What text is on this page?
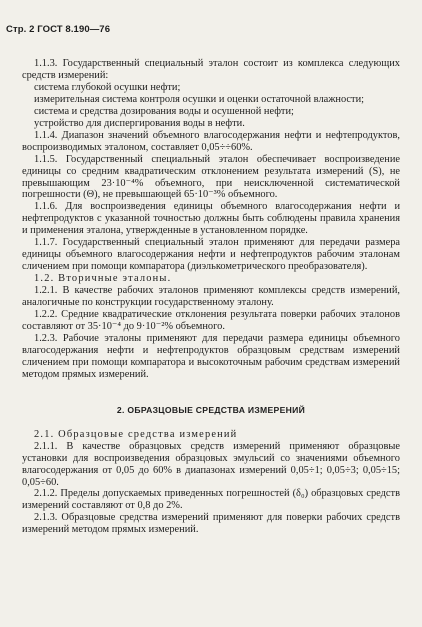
Стр. 2 ГОСТ 8.190—76

1.1.3. Государственный специальный эталон состоит из комплекса следующих средств измерений:

система глубокой осушки нефти;

измерительная система контроля осушки и оценки остаточной влажности;

система и средства дозирования воды и осушенной нефти;

устройство для диспергирования воды в нефти.

1.1.4. Диапазон значений объемного влагосодержания нефти и нефтепродуктов, воспроизводимых эталоном, составляет 0,05÷÷60%.

1.1.5. Государственный специальный эталон обеспечивает воспроизведение единицы со средним квадратическим отклонением результата измерений (S), не превышающим 23·10⁻⁴% объемного, при неисключенной систематической погрешности (Θ), не превышающей 65·10⁻³% объемного.

1.1.6. Для воспроизведения единицы объемного влагосодержания нефти и нефтепродуктов с указанной точностью должны быть соблюдены правила хранения и применения эталона, утвержденные в установленном порядке.

1.1.7. Государственный специальный эталон применяют для передачи размера единицы объемного влагосодержания нефти и нефтепродуктов рабочим эталонам сличением при помощи компаратора (диэлькометрического преобразователя).

1.2. Вторичные эталоны.

1.2.1. В качестве рабочих эталонов применяют комплексы средств измерений, аналогичные по конструкции государственному эталону.

1.2.2. Средние квадратические отклонения результата поверки рабочих эталонов составляют от 35·10⁻⁴ до 9·10⁻²% объемного.

1.2.3. Рабочие эталоны применяют для передачи размера единицы объемного влагосодержания нефти и нефтепродуктов образцовым средствам измерений сличением при помощи компаратора и высокоточным рабочим средствам измерений методом прямых измерений.

2. ОБРАЗЦОВЫЕ СРЕДСТВА ИЗМЕРЕНИЙ

2.1. Образцовые средства измерений

2.1.1. В качестве образцовых средств измерений применяют образцовые установки для воспроизведения образцовых эмульсий со значениями объемного влагосодержания от 0,05 до 60% в диапазонах измерений 0,05÷1; 0,05÷3; 0,05÷15; 0,05÷60.

2.1.2. Пределы допускаемых приведенных погрешностей (δ₀) образцовых средств измерений составляют от 0,8 до 2%.

2.1.3. Образцовые средства измерений применяют для поверки рабочих средств измерений методом прямых измерений.
